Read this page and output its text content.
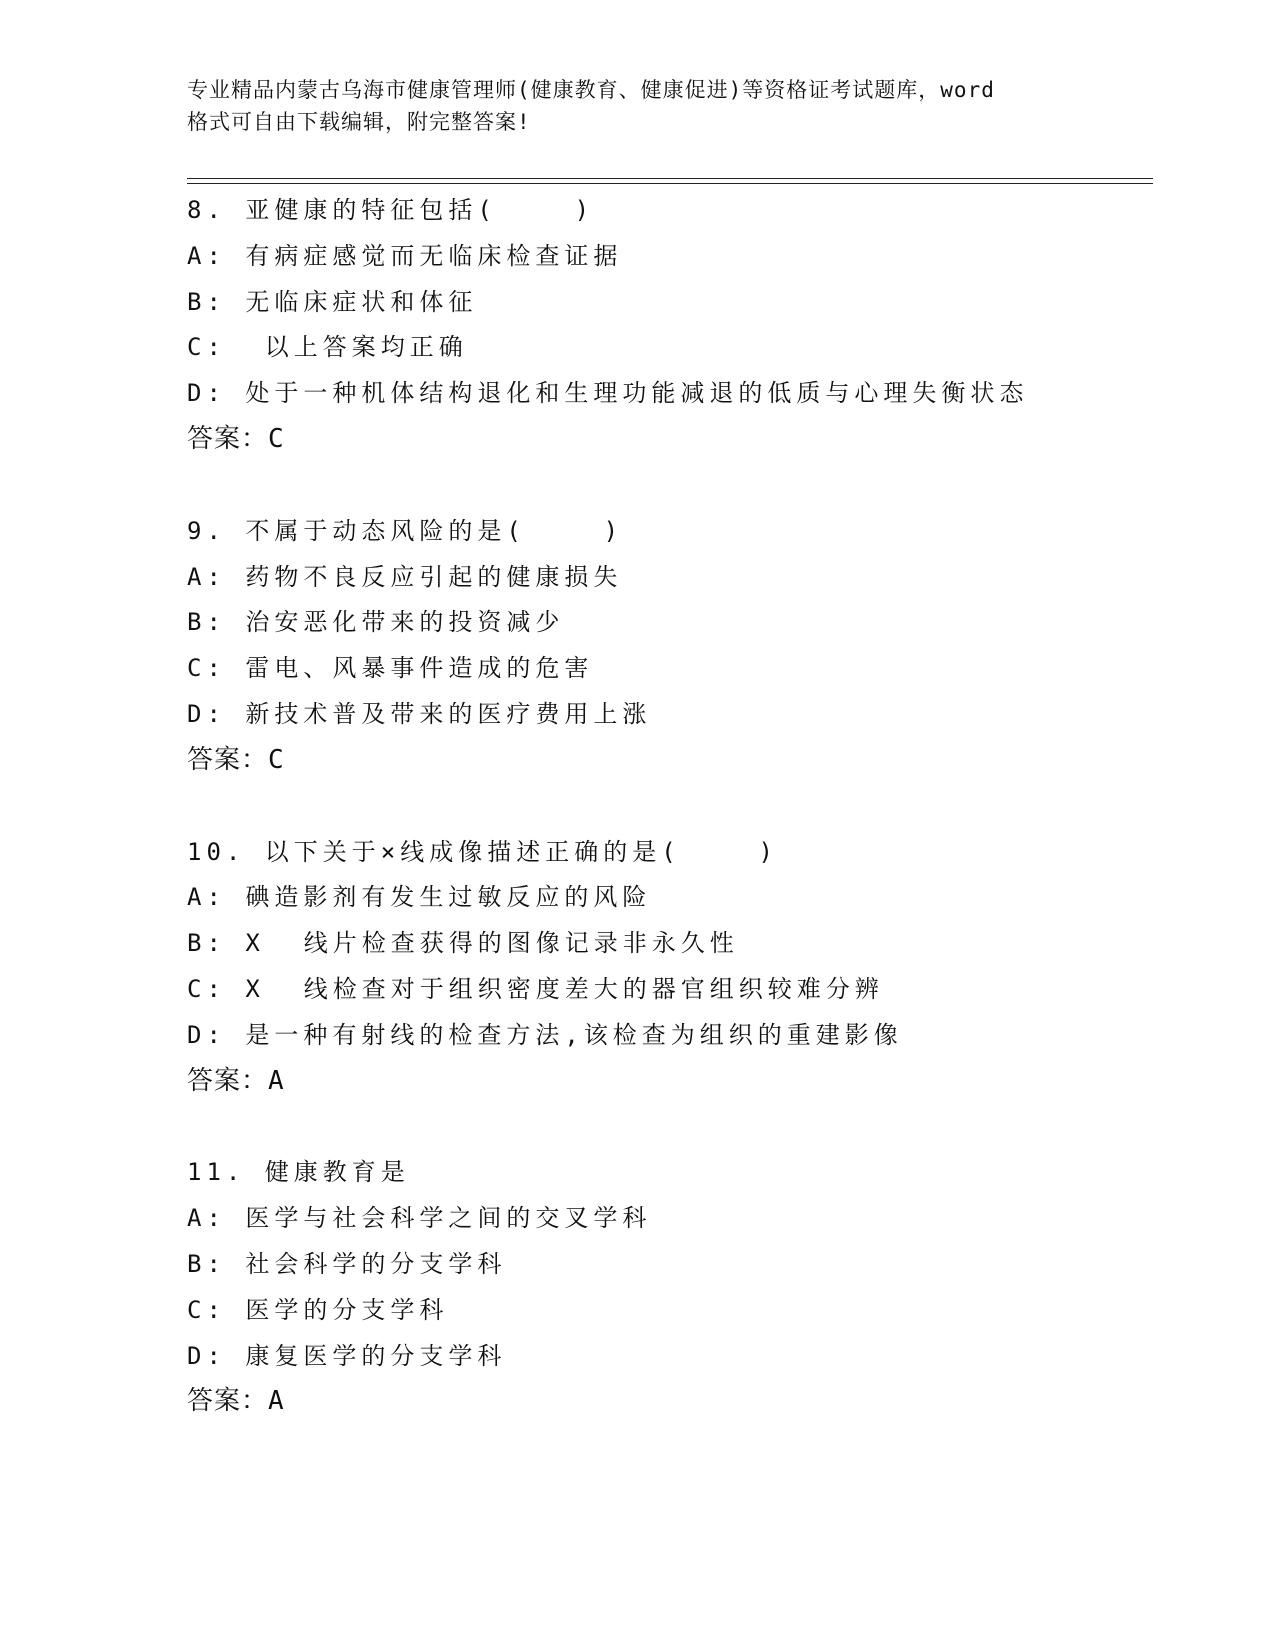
专业精品内蒙古乌海市健康管理师(健康教育、健康促进)等资格证考试题库，word
格式可自由下载编辑，附完整答案!
8. 亚健康的特征包括(    )
A: 有病症感觉而无临床检查证据
B: 无临床症状和体征
C:  以上答案均正确
D: 处于一种机体结构退化和生理功能减退的低质与心理失衡状态
答案：C
9. 不属于动态风险的是(    )
A: 药物不良反应引起的健康损失
B: 治安恶化带来的投资减少
C: 雷电、风暴事件造成的危害
D: 新技术普及带来的医疗费用上涨
答案：C
10. 以下关于×线成像描述正确的是(    )
A: 碘造影剂有发生过敏反应的风险
B: X  线片检查获得的图像记录非永久性
C: X  线检查对于组织密度差大的器官组织较难分辨
D: 是一种有射线的检查方法,该检查为组织的重建影像
答案：A
11. 健康教育是
A: 医学与社会科学之间的交叉学科
B: 社会科学的分支学科
C: 医学的分支学科
D: 康复医学的分支学科
答案：A
